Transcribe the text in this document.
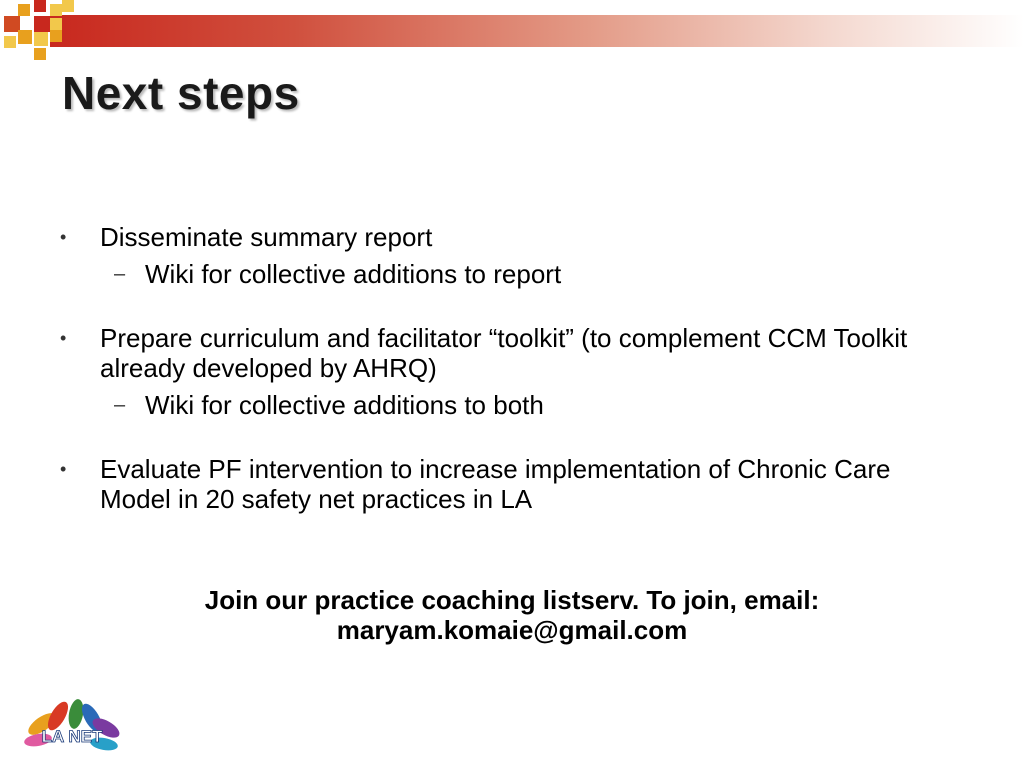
Next steps
• Disseminate summary report
– Wiki for collective additions to report
• Prepare curriculum and facilitator “toolkit” (to complement CCM Toolkit already developed by AHRQ)
– Wiki for collective additions to both
• Evaluate PF intervention to increase implementation of Chronic Care Model in 20 safety net practices in LA
Join our practice coaching listserv. To join, email:
maryam.komaie@gmail.com
LA NET
